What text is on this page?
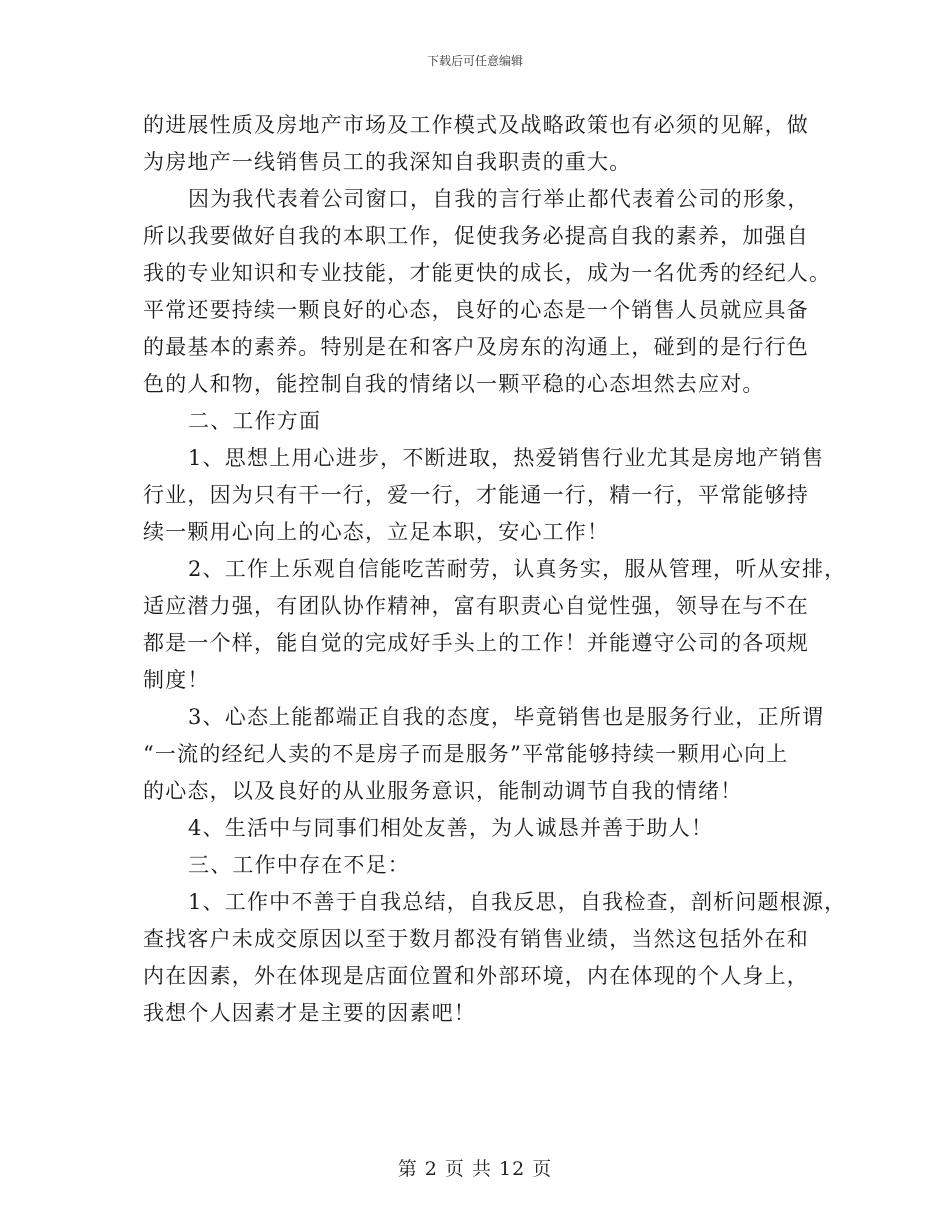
下载后可任意编辑
的进展性质及房地产市场及工作模式及战略政策也有必须的见解，做
为房地产一线销售员工的我深知自我职责的重大。
因为我代表着公司窗口，自我的言行举止都代表着公司的形象，
所以我要做好自我的本职工作，促使我务必提高自我的素养，加强自
我的专业知识和专业技能，才能更快的成长，成为一名优秀的经纪人。
平常还要持续一颗良好的心态，良好的心态是一个销售人员就应具备
的最基本的素养。特别是在和客户及房东的沟通上，碰到的是行行色
色的人和物，能控制自我的情绪以一颗平稳的心态坦然去应对。
二、工作方面
1、思想上用心进步，不断进取，热爱销售行业尤其是房地产销售
行业，因为只有干一行，爱一行，才能通一行，精一行，平常能够持
续一颗用心向上的心态，立足本职，安心工作！
2、工作上乐观自信能吃苦耐劳，认真务实，服从管理，听从安排，
适应潜力强，有团队协作精神，富有职责心自觉性强，领导在与不在
都是一个样，能自觉的完成好手头上的工作！并能遵守公司的各项规
制度！
3、心态上能都端正自我的态度，毕竟销售也是服务行业，正所谓
“一流的经纪人卖的不是房子而是服务”平常能够持续一颗用心向上
的心态，以及良好的从业服务意识，能制动调节自我的情绪！
4、生活中与同事们相处友善，为人诚恳并善于助人！
三、工作中存在不足：
1、工作中不善于自我总结，自我反思，自我检查，剖析问题根源，
查找客户未成交原因以至于数月都没有销售业绩，当然这包括外在和
内在因素，外在体现是店面位置和外部环境，内在体现的个人身上，
我想个人因素才是主要的因素吧！
第 2 页 共 12 页
